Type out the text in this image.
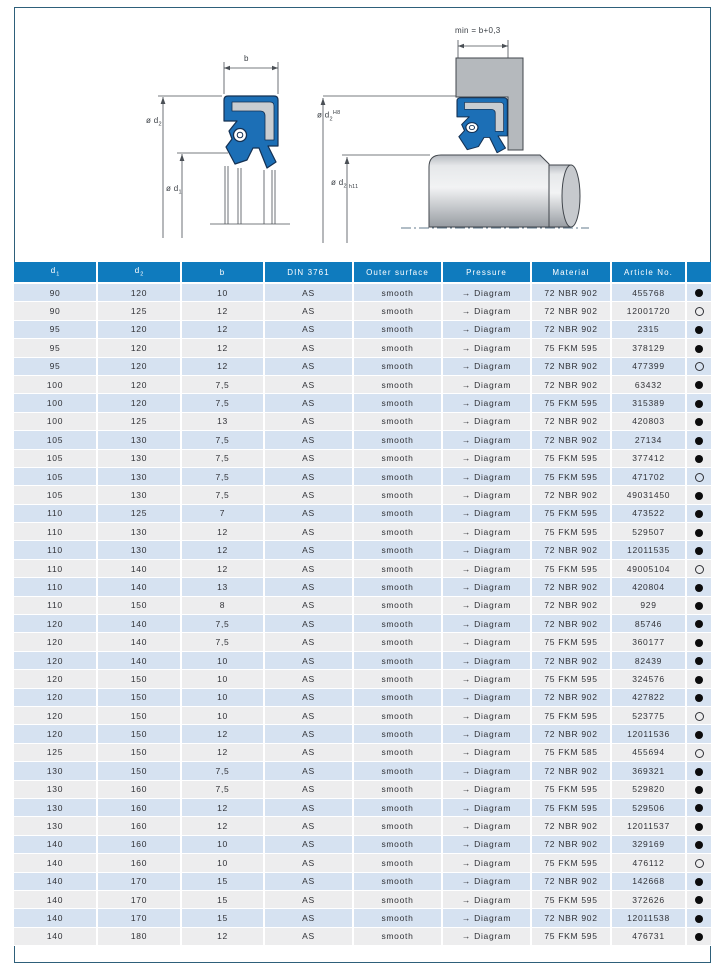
b
ø $d_2$
ø $d_1$
min = b+0,3
ø $d_2^{H8}$
ø $d_2$ $_{h11}$
$d_1$	$d_2$	b	DIN 3761	Outer surface	Pressure	Material	Article No.	
90	120	10	AS	smooth	→ Diagram	72 NBR 902	455768	
90	125	12	AS	smooth	→ Diagram	72 NBR 902	12001720	
95	120	12	AS	smooth	→ Diagram	72 NBR 902	2315	
95	120	12	AS	smooth	→ Diagram	75 FKM 595	378129	
95	120	12	AS	smooth	→ Diagram	72 NBR 902	477399	
100	120	7,5	AS	smooth	→ Diagram	72 NBR 902	63432	
100	120	7,5	AS	smooth	→ Diagram	75 FKM 595	315389	
100	125	13	AS	smooth	→ Diagram	72 NBR 902	420803	
105	130	7,5	AS	smooth	→ Diagram	72 NBR 902	27134	
105	130	7,5	AS	smooth	→ Diagram	75 FKM 595	377412	
105	130	7,5	AS	smooth	→ Diagram	75 FKM 595	471702	
105	130	7,5	AS	smooth	→ Diagram	72 NBR 902	49031450	
110	125	7	AS	smooth	→ Diagram	75 FKM 595	473522	
110	130	12	AS	smooth	→ Diagram	75 FKM 595	529507	
110	130	12	AS	smooth	→ Diagram	72 NBR 902	12011535	
110	140	12	AS	smooth	→ Diagram	75 FKM 595	49005104	
110	140	13	AS	smooth	→ Diagram	72 NBR 902	420804	
110	150	8	AS	smooth	→ Diagram	72 NBR 902	929	
120	140	7,5	AS	smooth	→ Diagram	72 NBR 902	85746	
120	140	7,5	AS	smooth	→ Diagram	75 FKM 595	360177	
120	140	10	AS	smooth	→ Diagram	72 NBR 902	82439	
120	150	10	AS	smooth	→ Diagram	75 FKM 595	324576	
120	150	10	AS	smooth	→ Diagram	72 NBR 902	427822	
120	150	10	AS	smooth	→ Diagram	75 FKM 595	523775	
120	150	12	AS	smooth	→ Diagram	72 NBR 902	12011536	
125	150	12	AS	smooth	→ Diagram	75 FKM 585	455694	
130	150	7,5	AS	smooth	→ Diagram	72 NBR 902	369321	
130	160	7,5	AS	smooth	→ Diagram	75 FKM 595	529820	
130	160	12	AS	smooth	→ Diagram	75 FKM 595	529506	
130	160	12	AS	smooth	→ Diagram	72 NBR 902	12011537	
140	160	10	AS	smooth	→ Diagram	72 NBR 902	329169	
140	160	10	AS	smooth	→ Diagram	75 FKM 595	476112	
140	170	15	AS	smooth	→ Diagram	72 NBR 902	142668	
140	170	15	AS	smooth	→ Diagram	75 FKM 595	372626	
140	170	15	AS	smooth	→ Diagram	72 NBR 902	12011538	
140	180	12	AS	smooth	→ Diagram	75 FKM 595	476731	
